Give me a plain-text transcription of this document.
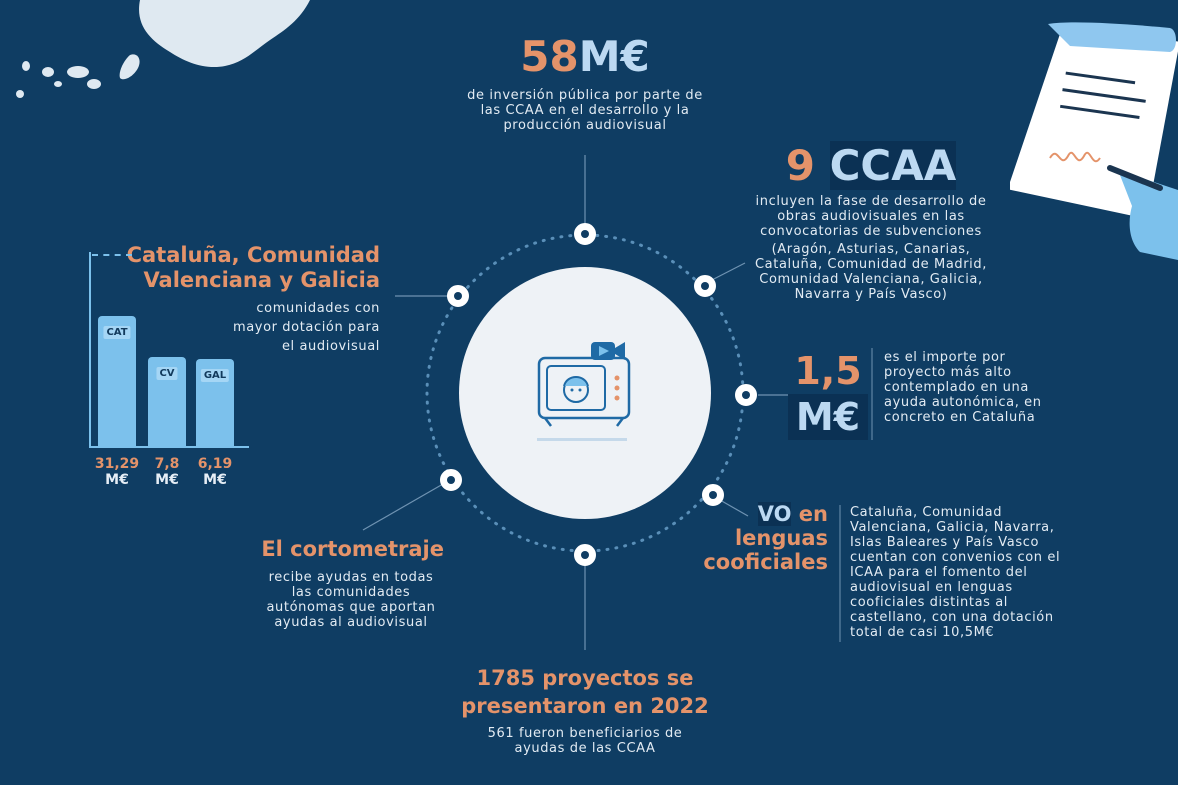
58M€
de inversión pública por parte de las CCAA en el desarrollo y la producción audiovisual
9 CCAA
incluyen la fase de desarrollo de obras audiovisuales en las convocatorias de subvenciones
(Aragón, Asturias, Canarias, Cataluña, Comunidad de Madrid, Comunidad Valenciana, Galicia, Navarra y País Vasco)
1,5
M€
es el importe por proyecto más alto contemplado en una ayuda autonómica, en concreto en Cataluña
VO en
lenguas
cooficiales
Cataluña, Comunidad Valenciana, Galicia, Navarra, Islas Baleares y País Vasco cuentan con convenios con el ICAA para el fomento del audiovisual en lenguas cooficiales distintas al castellano, con una dotación total de casi 10,5M€
1785 proyectos se
presentaron en 2022
561 fueron beneficiarios de ayudas de las CCAA
El cortometraje
recibe ayudas en todas las comunidades autónomas que aportan ayudas al audiovisual
Cataluña, Comunidad
Valenciana y Galicia
comunidades con mayor dotación para el audiovisual
CAT
31,29
M€
CV
7,8
M€
GAL
6,19
M€
